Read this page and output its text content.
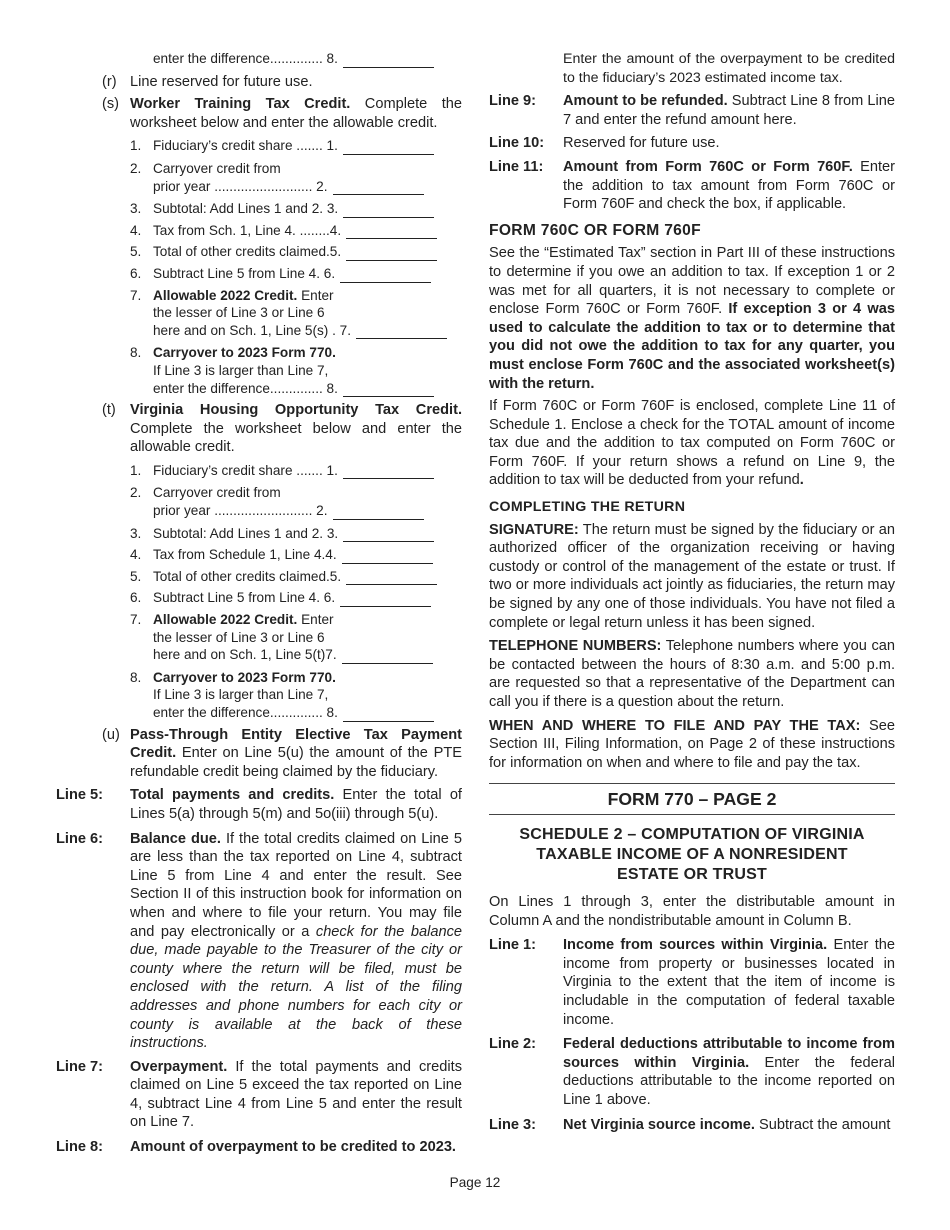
enter the difference.............. 8.
(r) Line reserved for future use.
(s) Worker Training Tax Credit. Complete the worksheet below and enter the allowable credit.
1. Fiduciary’s credit share ....... 1.
2. Carryover credit from
prior year .......................... 2.
3. Subtotal: Add Lines 1 and 2. 3.
4. Tax from Sch. 1, Line 4. ........4.
5. Total of other credits claimed.5.
6. Subtract Line 5 from Line 4. 6.
7. Allowable 2022 Credit. Enter
the lesser of Line 3 or Line 6
here and on Sch. 1, Line 5(s) . 7.
8. Carryover to 2023 Form 770.
If Line 3 is larger than Line 7,
enter the difference.............. 8.
(t) Virginia Housing Opportunity Tax Credit. Complete the worksheet below and enter the allowable credit.
1. Fiduciary’s credit share ....... 1.
2. Carryover credit from
prior year .......................... 2.
3. Subtotal: Add Lines 1 and 2. 3.
4. Tax from Schedule 1, Line 4.4.
5. Total of other credits claimed.5.
6. Subtract Line 5 from Line 4. 6.
7. Allowable 2022 Credit. Enter
the lesser of Line 3 or Line 6
here and on Sch. 1, Line 5(t)7.
8. Carryover to 2023 Form 770.
If Line 3 is larger than Line 7,
enter the difference.............. 8.
(u) Pass-Through Entity Elective Tax Payment Credit. Enter on Line 5(u) the amount of the PTE refundable credit being claimed by the fiduciary.
Line 5: Total payments and credits. Enter the total of Lines 5(a) through 5(m) and 5o(iii) through 5(u).
Line 6: Balance due. If the total credits claimed on Line 5 are less than the tax reported on Line 4, subtract Line 5 from Line 4 and enter the result. See Section II of this instruction book for information on when and where to file your return. You may file and pay electronically or a check for the balance due, made payable to the Treasurer of the city or county where the return will be filed, must be enclosed with the return. A list of the filing addresses and phone numbers for each city or county is available at the back of these instructions.
Line 7: Overpayment. If the total payments and credits claimed on Line 5 exceed the tax reported on Line 4, subtract Line 4 from Line 5 and enter the result on Line 7.
Line 8: Amount of overpayment to be credited to 2023.
Enter the amount of the overpayment to be credited to the fiduciary’s 2023 estimated income tax.
Line 9: Amount to be refunded. Subtract Line 8 from Line 7 and enter the refund amount here.
Line 10: Reserved for future use.
Line 11: Amount from Form 760C or Form 760F. Enter the addition to tax amount from Form 760C or Form 760F and check the box, if applicable.
FORM 760C OR FORM 760F

See the “Estimated Tax” section in Part III of these instructions to determine if you owe an addition to tax. If exception 1 or 2 was met for all quarters, it is not necessary to complete or enclose Form 760C or Form 760F. If exception 3 or 4 was used to calculate the addition to tax or to determine that you did not owe the addition to tax for any quarter, you must enclose Form 760C and the associated worksheet(s) with the return.

If Form 760C or Form 760F is enclosed, complete Line 11 of Schedule 1. Enclose a check for the TOTAL amount of income tax due and the addition to tax computed on Form 760C or Form 760F. If your return shows a refund on Line 9, the addition to tax will be deducted from your refund.

COMPLETING THE RETURN

SIGNATURE: The return must be signed by the fiduciary or an authorized officer of the organization receiving or having custody or control of the management of the estate or trust. If two or more individuals act jointly as fiduciaries, the return may be signed by any one of those individuals. You have not filed a complete or legal return unless it has been signed.

TELEPHONE NUMBERS: Telephone numbers where you can be contacted between the hours of 8:30 a.m. and 5:00 p.m. are requested so that a representative of the Department can call you if there is a question about the return.

WHEN AND WHERE TO FILE AND PAY THE TAX: See Section III, Filing Information, on Page 2 of these instructions for information on when and where to file and pay the tax.

FORM 770 – PAGE 2
SCHEDULE 2 – COMPUTATION OF VIRGINIA
TAXABLE INCOME OF A NONRESIDENT
ESTATE OR TRUST

On Lines 1 through 3, enter the distributable amount in Column A and the nondistributable amount in Column B.

Line 1: Income from sources within Virginia. Enter the income from property or businesses located in Virginia to the extent that the item of income is includable in the computation of federal taxable income.
Line 2: Federal deductions attributable to income from sources within Virginia. Enter the federal deductions attributable to the income reported on Line 1 above.
Line 3: Net Virginia source income. Subtract the amount
Page 12
